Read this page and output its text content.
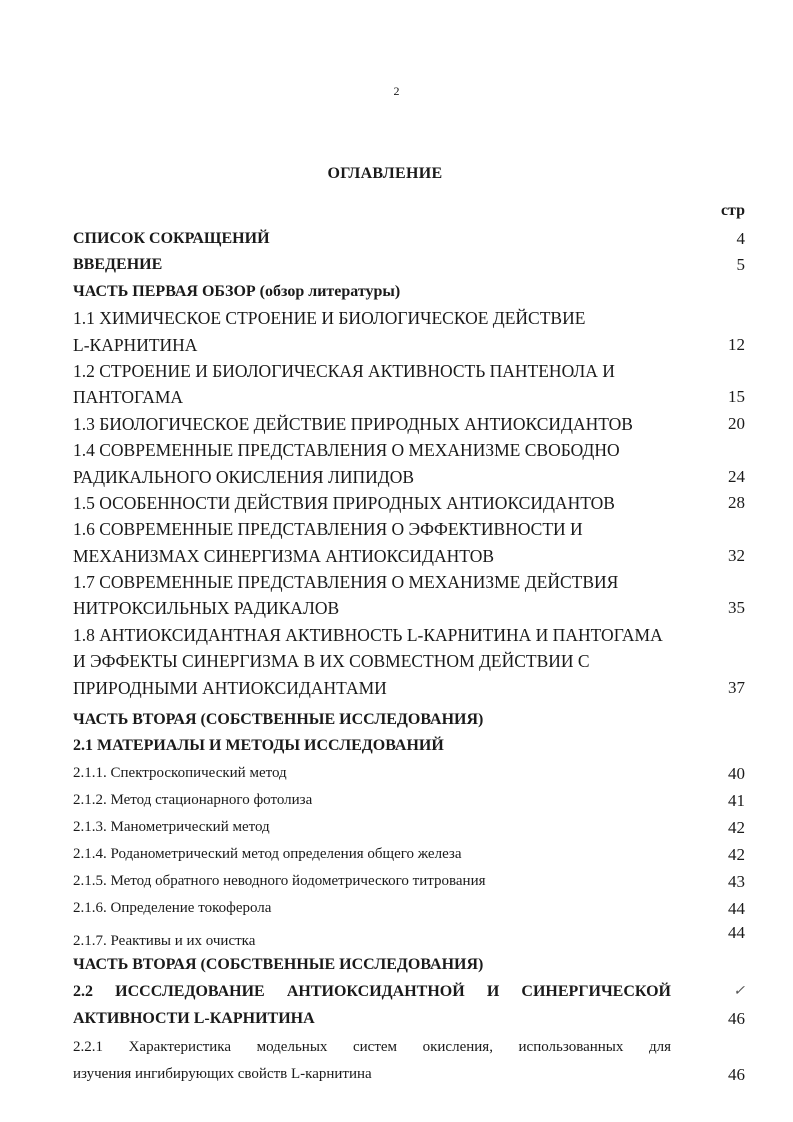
2
ОГЛАВЛЕНИЕ
стр
СПИСОК СОКРАЩЕНИЙ	4
ВВЕДЕНИЕ	5
ЧАСТЬ ПЕРВАЯ ОБЗОР (обзор литературы)
1.1 ХИМИЧЕСКОЕ СТРОЕНИЕ И БИОЛОГИЧЕСКОЕ ДЕЙСТВИЕ
L-КАРНИТИНА	12
1.2 СТРОЕНИЕ И БИОЛОГИЧЕСКАЯ АКТИВНОСТЬ ПАНТЕНОЛА И
ПАНТОГАМА	15
1.3 БИОЛОГИЧЕСКОЕ ДЕЙСТВИЕ ПРИРОДНЫХ АНТИОКСИДАНТОВ	20
1.4 СОВРЕМЕННЫЕ ПРЕДСТАВЛЕНИЯ О МЕХАНИЗМЕ СВОБОДНО
РАДИКАЛЬНОГО ОКИСЛЕНИЯ ЛИПИДОВ	24
1.5 ОСОБЕННОСТИ ДЕЙСТВИЯ ПРИРОДНЫХ АНТИОКСИДАНТОВ	28
1.6 СОВРЕМЕННЫЕ ПРЕДСТАВЛЕНИЯ О ЭФФЕКТИВНОСТИ И
МЕХАНИЗМАХ СИНЕРГИЗМА АНТИОКСИДАНТОВ	32
1.7 СОВРЕМЕННЫЕ ПРЕДСТАВЛЕНИЯ О МЕХАНИЗМЕ ДЕЙСТВИЯ
НИТРОКСИЛЬНЫХ РАДИКАЛОВ	35
1.8 АНТИОКСИДАНТНАЯ АКТИВНОСТЬ L-КАРНИТИНА И ПАНТОГАМА
И ЭФФЕКТЫ СИНЕРГИЗМА В ИХ СОВМЕСТНОМ ДЕЙСТВИИ С
ПРИРОДНЫМИ АНТИОКСИДАНТАМИ	37
ЧАСТЬ ВТОРАЯ (СОБСТВЕННЫЕ ИССЛЕДОВАНИЯ)
2.1 МАТЕРИАЛЫ И МЕТОДЫ ИССЛЕДОВАНИЙ
2.1.1. Спектроскопический метод	40
2.1.2. Метод стационарного фотолиза	41
2.1.3. Манометрический метод	42
2.1.4. Роданометрический метод определения общего железа	42
2.1.5. Метод обратного неводного йодометрического титрования	43
2.1.6. Определение токоферола	44
2.1.7. Реактивы и их очистка	44
ЧАСТЬ ВТОРАЯ (СОБСТВЕННЫЕ ИССЛЕДОВАНИЯ)
2.2 ИСССЛЕДОВАНИЕ АНТИОКСИДАНТНОЙ И СИНЕРГИЧЕСКОЙ	✓
АКТИВНОСТИ L-КАРНИТИНА	46
2.2.1 Характеристика модельных систем окисления, использованных для
изучения ингибирующих свойств L-карнитина	46
